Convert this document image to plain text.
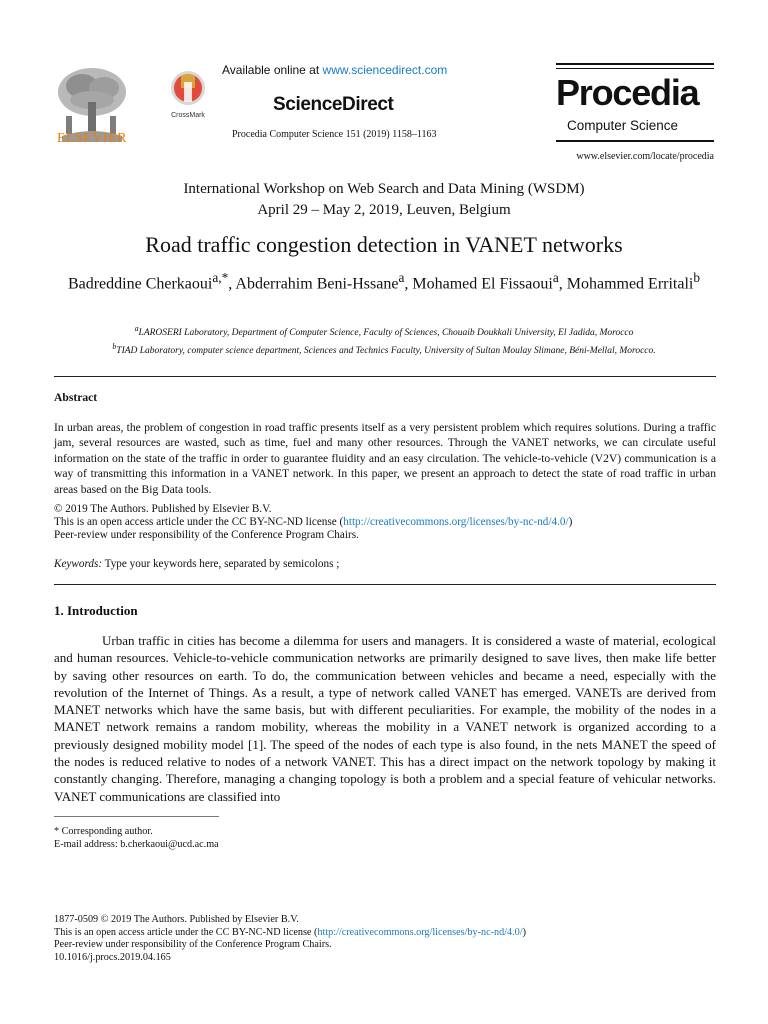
ELSEVIER
CrossMark
Available online at www.sciencedirect.com
ScienceDirect
Procedia Computer Science 151 (2019) 1158–1163
Procedia
Computer Science
www.elsevier.com/locate/procedia
International Workshop on Web Search and Data Mining (WSDM)
April 29 – May 2, 2019, Leuven, Belgium
Road traffic congestion detection in VANET networks
Badreddine Cherkaoui$^{a,*}$, Abderrahim Beni-Hssane$^a$, Mohamed El Fissaoui$^a$, Mohammed Erritali$^b$
$^a$LAROSERI Laboratory, Department of Computer Science, Faculty of Sciences, Chouaib Doukkali University, El Jadida, Morocco
$^b$TIAD Laboratory, computer science department, Sciences and Technics Faculty, University of Sultan Moulay Slimane, Béni-Mellal, Morocco.
Abstract
In urban areas, the problem of congestion in road traffic presents itself as a very persistent problem which requires solutions. During a traffic jam, several resources are wasted, such as time, fuel and many other resources. Through the VANET networks, we can circulate useful information on the state of the traffic in order to guarantee fluidity and an easy circulation. The vehicle-to-vehicle (V2V) communication is a way of transmitting this information in a VANET network. In this paper, we present an approach to detect the state of road traffic in urban areas based on the Big Data tools.
© 2019 The Authors. Published by Elsevier B.V.
This is an open access article under the CC BY-NC-ND license (http://creativecommons.org/licenses/by-nc-nd/4.0/)
Peer-review under responsibility of the Conference Program Chairs.
Keywords: Type your keywords here, separated by semicolons ;
1. Introduction
Urban traffic in cities has become a dilemma for users and managers. It is considered a waste of material, ecological and human resources. Vehicle-to-vehicle communication networks are primarily designed to save lives, then make life better by saving other resources on earth. To do, the communication between vehicles and became a need, especially with the revolution of the Internet of Things. As a result, a type of network called VANET has emerged. VANETs are derived from MANET networks which have the same basis, but with different peculiarities. For example, the mobility of the nodes in a MANET network remains a random mobility, whereas the mobility in a VANET network is organized according to a previously designed mobility model [1]. The speed of the nodes of each type is also found, in the nets MANET the speed of the nodes is reduced relative to nodes of a network VANET. This has a direct impact on the network topology by making it constantly changing. Therefore, managing a changing topology is both a problem and a special feature of vehicular networks. VANET communications are classified into
* Corresponding author.
E-mail address: b.cherkaoui@ucd.ac.ma
1877-0509 © 2019 The Authors. Published by Elsevier B.V.
This is an open access article under the CC BY-NC-ND license (http://creativecommons.org/licenses/by-nc-nd/4.0/)
Peer-review under responsibility of the Conference Program Chairs.
10.1016/j.procs.2019.04.165
